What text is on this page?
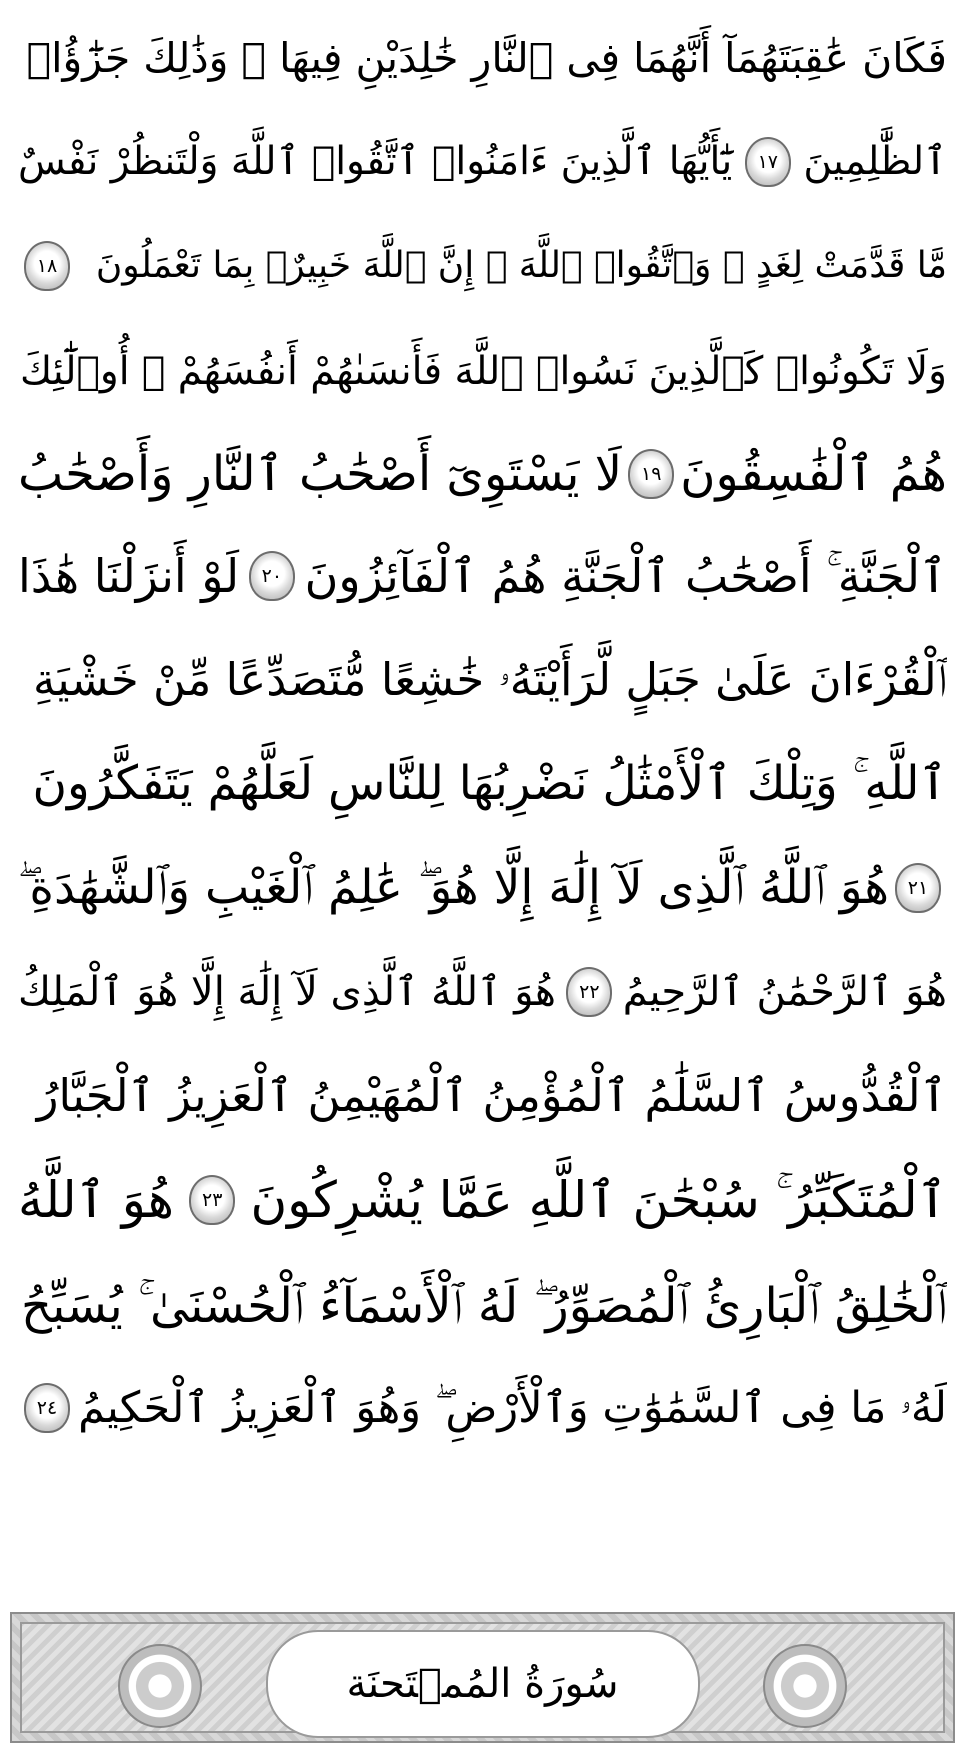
فَكَانَ عَٰقِبَتَهُمَآ أَنَّهُمَا فِى ٱلنَّارِ خَٰلِدَيْنِ فِيهَا ۚ وَذَٰلِكَ جَزَٰٓؤُا۟
ٱلظَّٰلِمِينَ
١٧
يَٰٓأَيُّهَا ٱلَّذِينَ ءَامَنُوا۟ ٱتَّقُوا۟ ٱللَّهَ وَلْتَنظُرْ نَفْسٌ
مَّا قَدَّمَتْ لِغَدٍ ۖ وَٱتَّقُوا۟ ٱللَّهَ ۚ إِنَّ ٱللَّهَ خَبِيرٌۢ بِمَا تَعْمَلُونَ
١٨
وَلَا تَكُونُوا۟ كَٱلَّذِينَ نَسُوا۟ ٱللَّهَ فَأَنسَىٰهُمْ أَنفُسَهُمْ ۚ أُو۟لَٰٓئِكَ
هُمُ ٱلْفَٰسِقُونَ
١٩
لَا يَسْتَوِىٓ أَصْحَٰبُ ٱلنَّارِ وَأَصْحَٰبُ
ٱلْجَنَّةِ ۚ أَصْحَٰبُ ٱلْجَنَّةِ هُمُ ٱلْفَآئِزُونَ
٢٠
لَوْ أَنزَلْنَا هَٰذَا
ٱلْقُرْءَانَ عَلَىٰ جَبَلٍ لَّرَأَيْتَهُۥ خَٰشِعًا مُّتَصَدِّعًا مِّنْ خَشْيَةِ
ٱللَّهِ ۚ وَتِلْكَ ٱلْأَمْثَٰلُ نَضْرِبُهَا لِلنَّاسِ لَعَلَّهُمْ يَتَفَكَّرُونَ
٢١
هُوَ ٱللَّهُ ٱلَّذِى لَآ إِلَٰهَ إِلَّا هُوَ ۖ عَٰلِمُ ٱلْغَيْبِ وَٱلشَّهَٰدَةِ ۖ
هُوَ ٱلرَّحْمَٰنُ ٱلرَّحِيمُ
٢٢
هُوَ ٱللَّهُ ٱلَّذِى لَآ إِلَٰهَ إِلَّا هُوَ ٱلْمَلِكُ
ٱلْقُدُّوسُ ٱلسَّلَٰمُ ٱلْمُؤْمِنُ ٱلْمُهَيْمِنُ ٱلْعَزِيزُ ٱلْجَبَّارُ
ٱلْمُتَكَبِّرُ ۚ سُبْحَٰنَ ٱللَّهِ عَمَّا يُشْرِكُونَ
٢٣
هُوَ ٱللَّهُ
ٱلْخَٰلِقُ ٱلْبَارِئُ ٱلْمُصَوِّرُ ۖ لَهُ ٱلْأَسْمَآءُ ٱلْحُسْنَىٰ ۚ يُسَبِّحُ
لَهُۥ مَا فِى ٱلسَّمَٰوَٰتِ وَٱلْأَرْضِ ۖ وَهُوَ ٱلْعَزِيزُ ٱلْحَكِيمُ
٢٤
سُورَةُ المُمۡتَحنَة
